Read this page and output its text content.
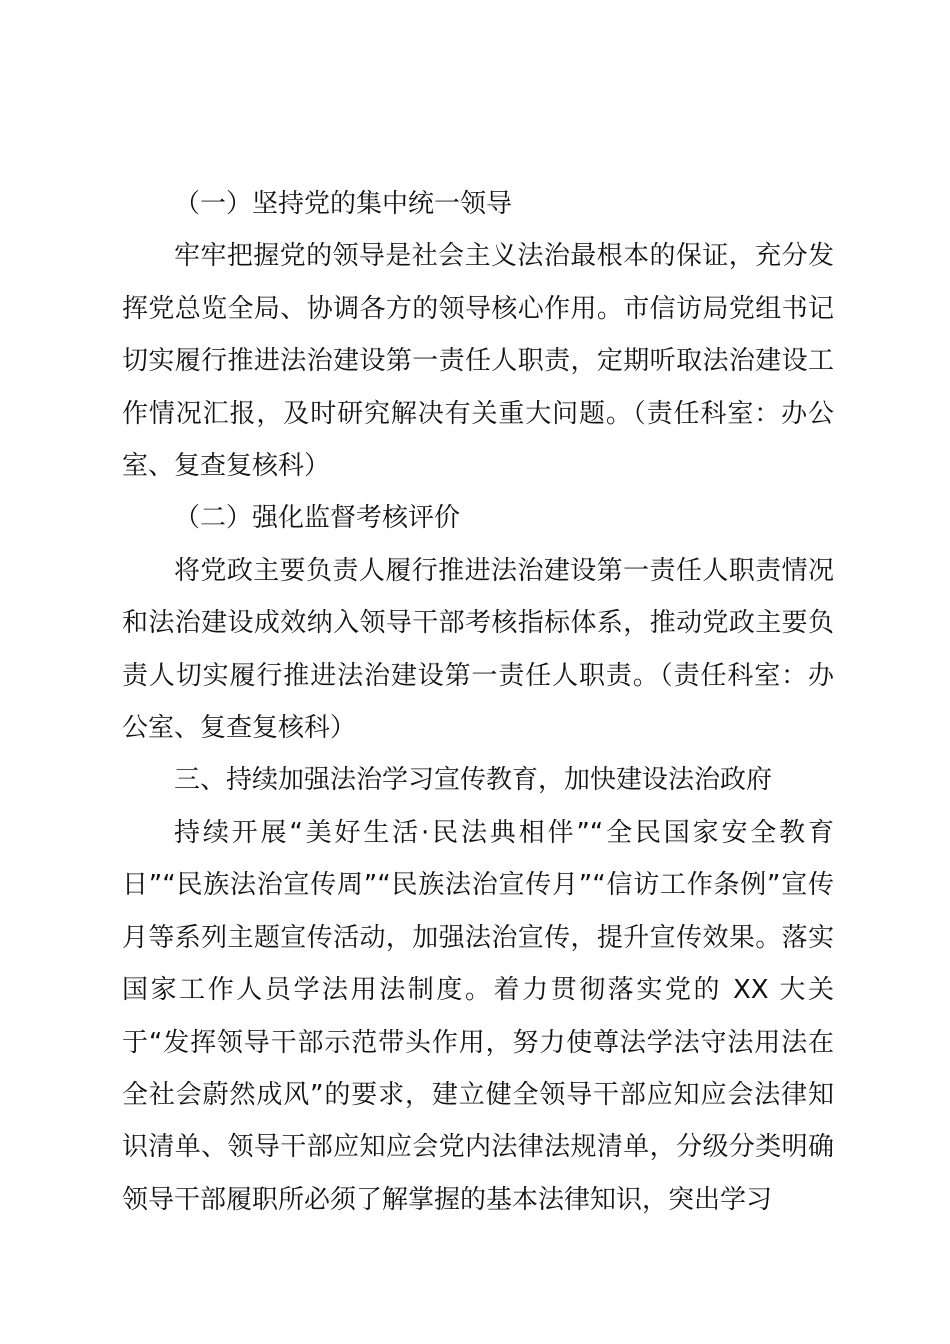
（一）坚持党的集中统一领导

牢牢把握党的领导是社会主义法治最根本的保证，充分发挥党总览全局、协调各方的领导核心作用。市信访局党组书记切实履行推进法治建设第一责任人职责，定期听取法治建设工作情况汇报，及时研究解决有关重大问题。（责任科室：办公室、复查复核科）

（二）强化监督考核评价

将党政主要负责人履行推进法治建设第一责任人职责情况和法治建设成效纳入领导干部考核指标体系，推动党政主要负责人切实履行推进法治建设第一责任人职责。（责任科室：办公室、复查复核科）

三、持续加强法治学习宣传教育，加快建设法治政府

持续开展“美好生活·民法典相伴”“全民国家安全教育日”“民族法治宣传周”“民族法治宣传月”“信访工作条例”宣传月等系列主题宣传活动，加强法治宣传，提升宣传效果。落实国家工作人员学法用法制度。着力贯彻落实党的 XX 大关于“发挥领导干部示范带头作用，努力使尊法学法守法用法在全社会蔚然成风”的要求，建立健全领导干部应知应会法律知识清单、领导干部应知应会党内法律法规清单，分级分类明确领导干部履职所必须了解掌握的基本法律知识，突出学习
